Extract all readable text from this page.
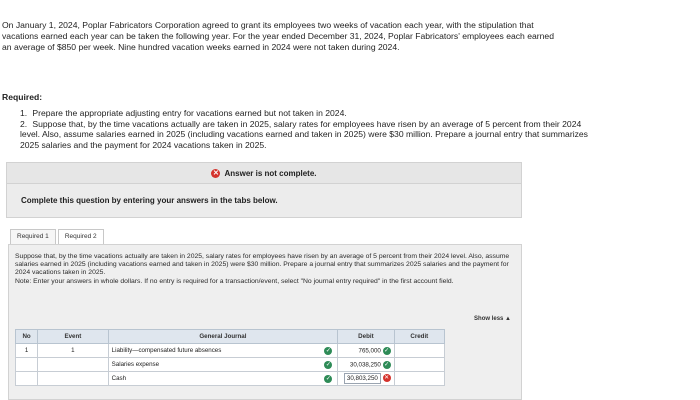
On January 1, 2024, Poplar Fabricators Corporation agreed to grant its employees two weeks of vacation each year, with the stipulation that vacations earned each year can be taken the following year. For the year ended December 31, 2024, Poplar Fabricators' employees each earned an average of $850 per week. Nine hundred vacation weeks earned in 2024 were not taken during 2024.

Required:

1. Prepare the appropriate adjusting entry for vacations earned but not taken in 2024.
2. Suppose that, by the time vacations actually are taken in 2025, salary rates for employees have risen by an average of 5 percent from their 2024 level. Also, assume salaries earned in 2025 (including vacations earned and taken in 2025) were $30 million. Prepare a journal entry that summarizes 2025 salaries and the payment for 2024 vacations taken in 2025.
✕ Answer is not complete.
Complete this question by entering your answers in the tabs below.
Required 1	Required 2
Suppose that, by the time vacations actually are taken in 2025, salary rates for employees have risen by an average of 5 percent from their 2024 level. Also, assume salaries earned in 2025 (including vacations earned and taken in 2025) were $30 million. Prepare a journal entry that summarizes 2025 salaries and the payment for 2024 vacations taken in 2025.
Note: Enter your answers in whole dollars. If no entry is required for a transaction/event, select "No journal entry required" in the first account field.
Show less ▲
No	Event	General Journal		Debit	Credit
1	1	Liability—compensated future absences	✓	765,000 ✓	
		Salaries expense	✓	30,038,250 ✓	
		Cash	✓	30,803,250 ✕	
